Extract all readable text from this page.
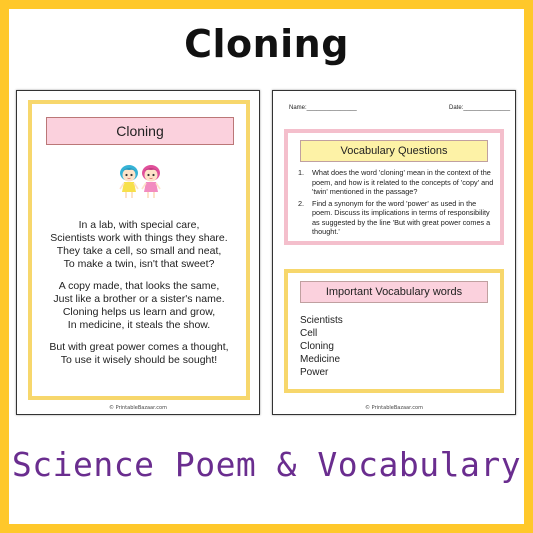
Cloning
Cloning
In a lab, with special care,
Scientists work with things they share.
They take a cell, so small and neat,
To make a twin, isn't that sweet?
A copy made, that looks the same,
Just like a brother or a sister's name.
Cloning helps us learn and grow,
In medicine, it steals the show.
But with great power comes a thought,
To use it wisely should be sought!
© PrintableBazaar.com
Name:_______________	Date:______________
Vocabulary Questions
1. What does the word 'cloning' mean in the context of the poem, and how is it related to the concepts of 'copy' and 'twin' mentioned in the passage?
2. Find a synonym for the word 'power' as used in the poem. Discuss its implications in terms of responsibility as suggested by the line 'But with great power comes a thought.'
Important Vocabulary words
Scientists
Cell
Cloning
Medicine
Power
© PrintableBazaar.com
Science Poem & Vocabulary
